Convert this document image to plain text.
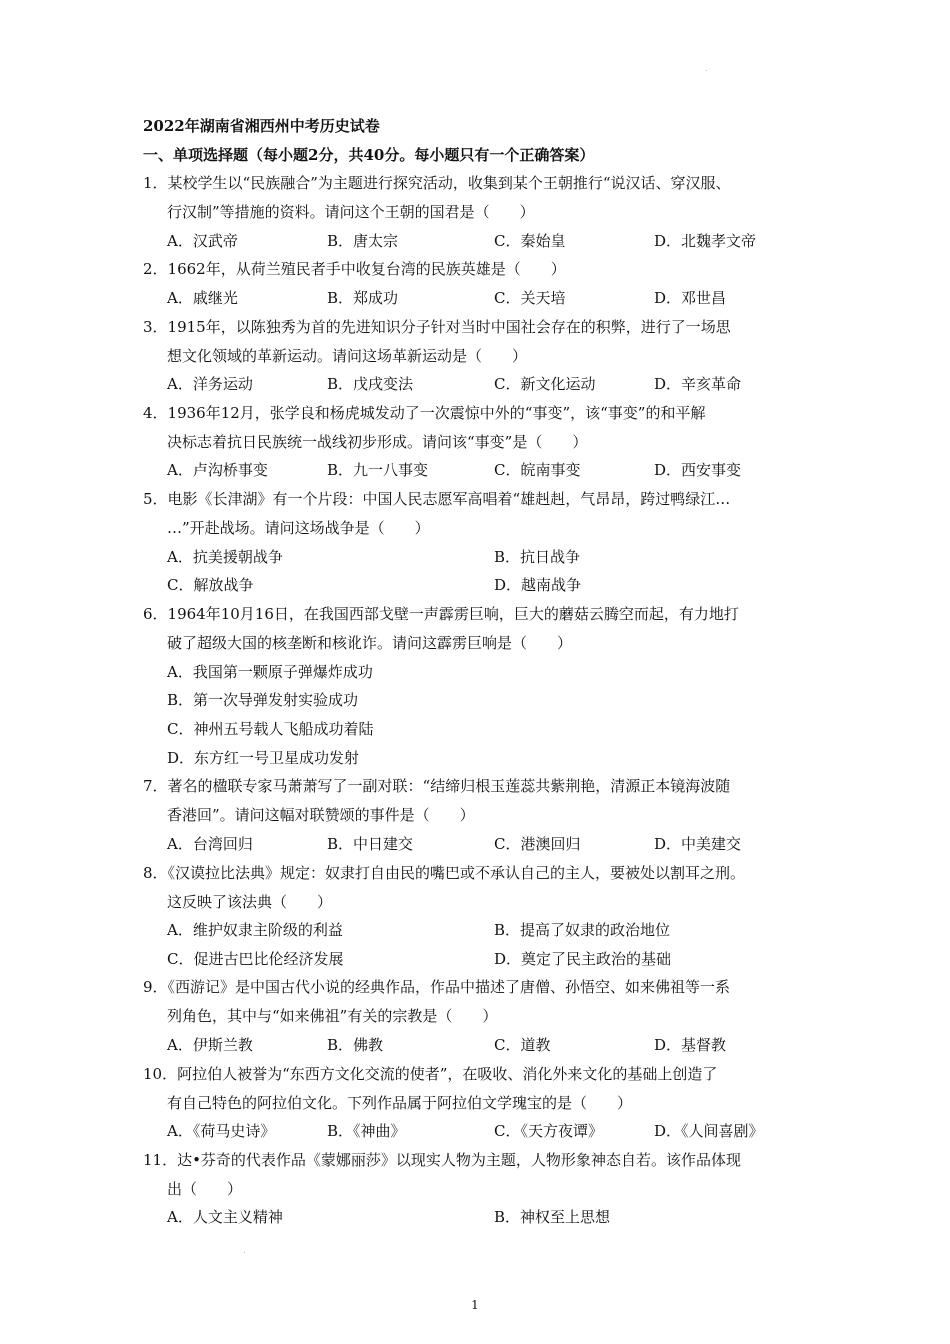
2022年湖南省湘西州中考历史试卷
一、单项选择题（每小题2分，共40分。每小题只有一个正确答案）
1．某校学生以“民族融合”为主题进行探究活动，收集到某个王朝推行“说汉话、穿汉服、
行汉制”等措施的资料。请问这个王朝的国君是（　　）
A．汉武帝	B．唐太宗	C．秦始皇	D．北魏孝文帝
2．1662年，从荷兰殖民者手中收复台湾的民族英雄是（　　）
A．戚继光	B．郑成功	C．关天培	D．邓世昌
3．1915年，以陈独秀为首的先进知识分子针对当时中国社会存在的积弊，进行了一场思
想文化领域的革新运动。请问这场革新运动是（　　）
A．洋务运动	B．戊戌变法	C．新文化运动	D．辛亥革命
4．1936年12月，张学良和杨虎城发动了一次震惊中外的“事变”，该“事变”的和平解
决标志着抗日民族统一战线初步形成。请问该“事变”是（　　）
A．卢沟桥事变	B．九一八事变	C．皖南事变	D．西安事变
5．电影《长津湖》有一个片段：中国人民志愿军高唱着“雄赳赳，气昂昂，跨过鸭绿江…
…”开赴战场。请问这场战争是（　　）
A．抗美援朝战争	B．抗日战争
C．解放战争	D．越南战争
6．1964年10月16日，在我国西部戈壁一声霹雳巨响，巨大的蘑菇云腾空而起，有力地打
破了超级大国的核垄断和核讹诈。请问这霹雳巨响是（　　）
A．我国第一颗原子弹爆炸成功
B．第一次导弹发射实验成功
C．神州五号载人飞船成功着陆
D．东方红一号卫星成功发射
7．著名的楹联专家马萧萧写了一副对联：“结缔归根玉莲蕊共紫荆艳，清源正本镜海波随
香港回”。请问这幅对联赞颂的事件是（　　）
A．台湾回归	B．中日建交	C．港澳回归	D．中美建交
8．《汉谟拉比法典》规定：奴隶打自由民的嘴巴或不承认自己的主人，要被处以割耳之刑。
这反映了该法典（　　）
A．维护奴隶主阶级的利益	B．提高了奴隶的政治地位
C．促进古巴比伦经济发展	D．奠定了民主政治的基础
9．《西游记》是中国古代小说的经典作品，作品中描述了唐僧、孙悟空、如来佛祖等一系
列角色，其中与“如来佛祖”有关的宗教是（　　）
A．伊斯兰教	B．佛教	C．道教	D．基督教
10．阿拉伯人被誉为“东西方文化交流的使者”，在吸收、消化外来文化的基础上创造了
有自己特色的阿拉伯文化。下列作品属于阿拉伯文学瑰宝的是（　　）
A．《荷马史诗》	B．《神曲》	C．《天方夜谭》	D．《人间喜剧》
11．达•芬奇的代表作品《蒙娜丽莎》以现实人物为主题，人物形象神态自若。该作品体现
出（　　）
A．人文主义精神	B．神权至上思想
1
